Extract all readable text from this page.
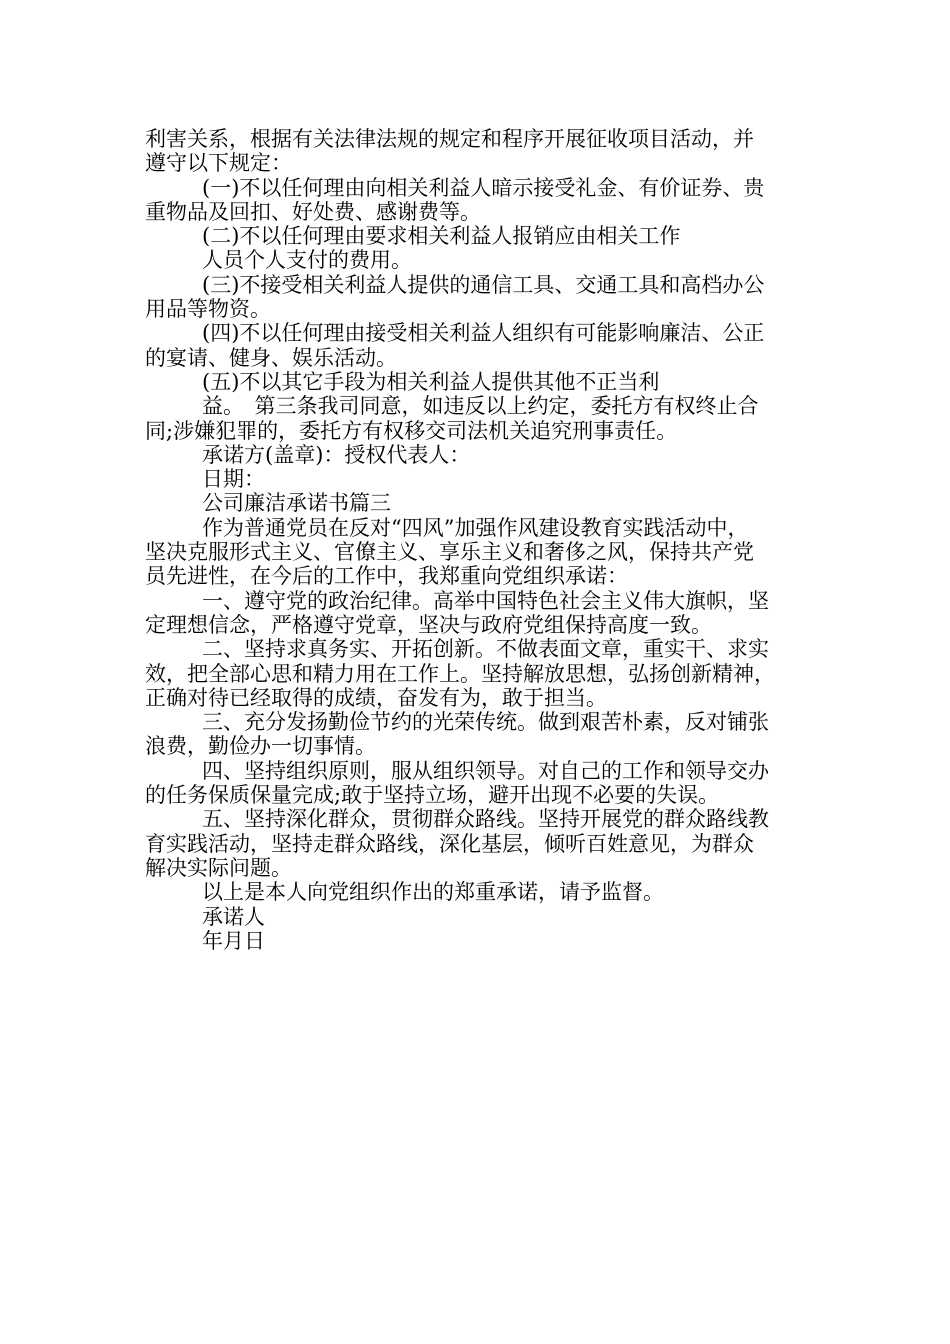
利害关系，根据有关法律法规的规定和程序开展征收项目活动，并
遵守以下规定：
(一)不以任何理由向相关利益人暗示接受礼金、有价证券、贵
重物品及回扣、好处费、感谢费等。
(二)不以任何理由要求相关利益人报销应由相关工作
人员个人支付的费用。
(三)不接受相关利益人提供的通信工具、交通工具和高档办公
用品等物资。
(四)不以任何理由接受相关利益人组织有可能影响廉洁、公正
的宴请、健身、娱乐活动。
(五)不以其它手段为相关利益人提供其他不正当利
益。　第三条我司同意，如违反以上约定，委托方有权终止合
同;涉嫌犯罪的，委托方有权移交司法机关追究刑事责任。
承诺方(盖章)：授权代表人：
日期：
公司廉洁承诺书篇三
作为普通党员在反对“四风”加强作风建设教育实践活动中，
坚决克服形式主义、官僚主义、享乐主义和奢侈之风，保持共产党
员先进性，在今后的工作中，我郑重向党组织承诺：
一、遵守党的政治纪律。高举中国特色社会主义伟大旗帜，坚
定理想信念，严格遵守党章，坚决与政府党组保持高度一致。
二、坚持求真务实、开拓创新。不做表面文章，重实干、求实
效，把全部心思和精力用在工作上。坚持解放思想，弘扬创新精神，
正确对待已经取得的成绩，奋发有为，敢于担当。
三、充分发扬勤俭节约的光荣传统。做到艰苦朴素，反对铺张
浪费，勤俭办一切事情。
四、坚持组织原则，服从组织领导。对自己的工作和领导交办
的任务保质保量完成;敢于坚持立场，避开出现不必要的失误。
五、坚持深化群众，贯彻群众路线。坚持开展党的群众路线教
育实践活动，坚持走群众路线，深化基层，倾听百姓意见，为群众
解决实际问题。
以上是本人向党组织作出的郑重承诺，请予监督。
承诺人
年月日
